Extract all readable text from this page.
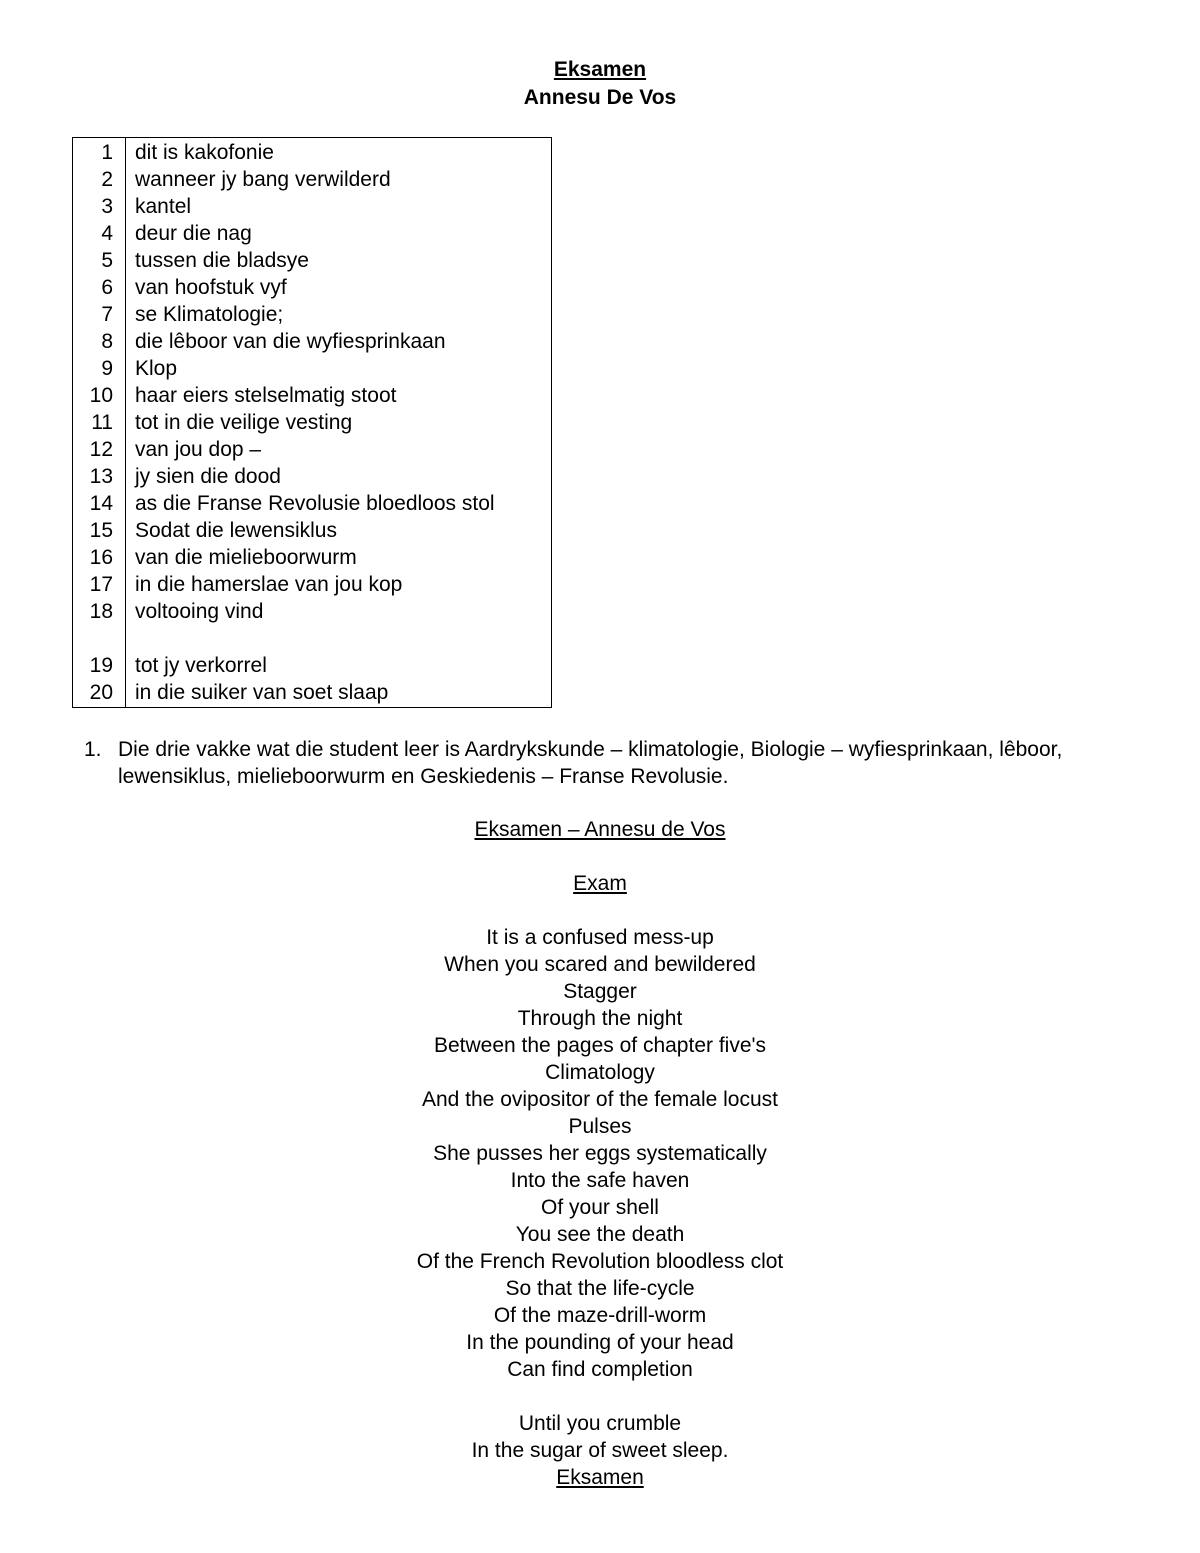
Eksamen
Annesu De Vos
1 dit is kakofonie
2 wanneer jy bang verwilderd
3 kantel
4 deur die nag
5 tussen die bladsye
6 van hoofstuk vyf
7 se Klimatologie;
8 die lêboor van die wyfiesprinkaan
9 Klop
10 haar eiers stelselmatig stoot
11 tot in die veilige vesting
12 van jou dop –
13 jy sien die dood
14 as die Franse Revolusie bloedloos stol
15 Sodat die lewensiklus
16 van die mielieboorwurm
17 in die hamerslae van jou kop
18 voltooing vind
19 tot jy verkorrel
20 in die suiker van soet slaap
1. Die drie vakke wat die student leer is Aardrykskunde – klimatologie, Biologie – wyfiesprinkaan, lêboor, lewensiklus, mielieboorwurm en Geskiedenis – Franse Revolusie.
Eksamen – Annesu de Vos
Exam
It is a confused mess-up
When you scared and bewildered
Stagger
Through the night
Between the pages of chapter five's
Climatology
And the ovipositor of the female locust
Pulses
She pusses her eggs systematically
Into the safe haven
Of your shell
You see the death
Of the French Revolution bloodless clot
So that the life-cycle
Of the maze-drill-worm
In the pounding of your head
Can find completion
Until you crumble
In the sugar of sweet sleep.
Eksamen
